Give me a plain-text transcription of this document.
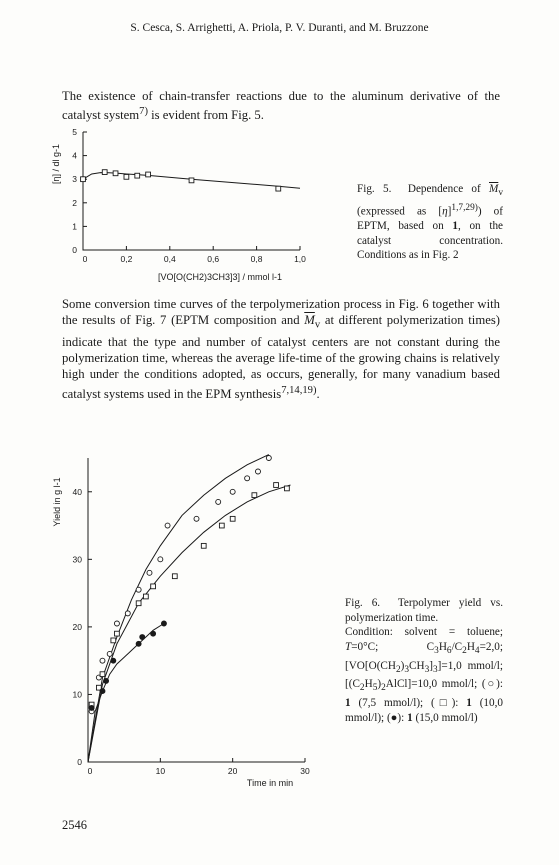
S. Cesca, S. Arrighetti, A. Priola, P. V. Duranti, and M. Bruzzone

The existence of chain-transfer reactions due to the aluminum derivative of the catalyst system$^{7)}$ is evident from Fig. 5.

0
1
2
3
4
5
0	0,2	0,4	0,6	0,8	1,0
[η] / dl g-1
[VO[O(CH2)3CH3]3] / mmol l-1
Fig. 5.  Dependence of $\overline{M}_v$ (expressed as $[\eta]^{1,7,29)}$) of EPTM, based on 1, on the catalyst concentration. Conditions as in Fig. 2

Some conversion time curves of the terpolymerization process in Fig. 6 together with the results of Fig. 7 (EPTM composition and $\overline{M}_v$ at different polymerization times) indicate that the type and number of catalyst centers are not constant during the polymerization time, whereas the average life-time of the growing chains is relatively high under the conditions adopted, as occurs, generally, for many vanadium based catalyst systems used in the EPM synthesis$^{7,14,19)}$.

0
10
20
30
40
0	10	20	30
Yield in g l-1
Time in min
Fig. 6.  Terpolymer yield vs. polymerization time.
Condition: solvent = toluene; T=0°C;   $C_3H_6/C_2H_4=2,0$; $[VO[O(CH_2)_3CH_3]_3]=1,0$ mmol/l; $[(C_2H_5)_2AlCl]=10,0$ mmol/l; (○): 1 (7,5 mmol/l); (□): 1 (10,0 mmol/l); (●): 1 (15,0 mmol/l)
2546
